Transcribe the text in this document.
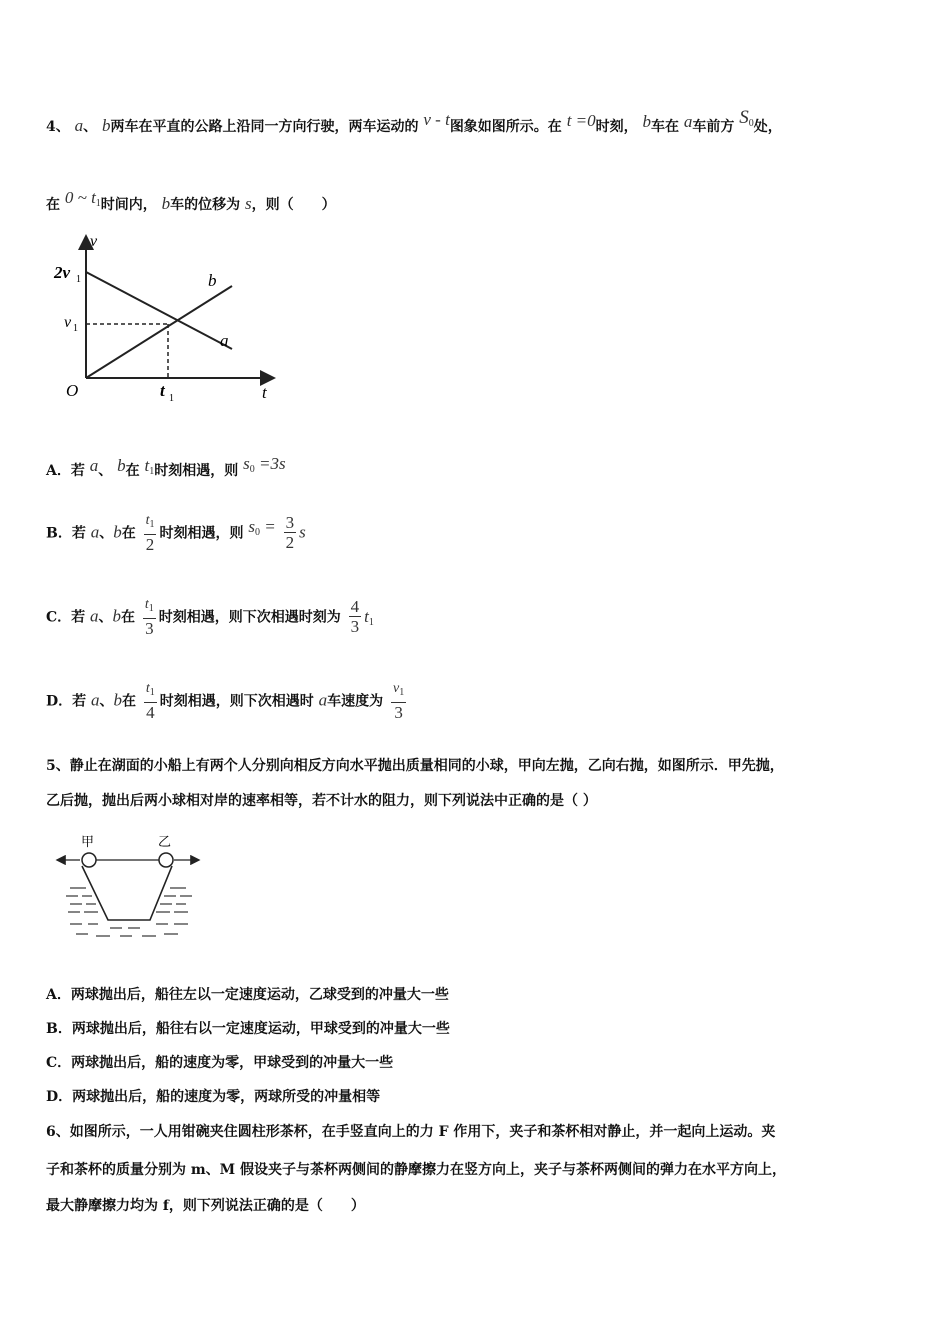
4、 a、 b两车在平直的公路上沿同一方向行驶，两车运动的 v - t图象如图所示。在 t =0时刻， b车在 a车前方 $S_0$处，
在 0 ~ $t_1$时间内， b车的位移为 s，则（　　）
v
t
O
2v 1
v 1
t 1
b
a
A．若 a、 b在 $t_1$时刻相遇，则 $s_0 =3s$
B．若 a、b在 $\frac{t_1}{2}$ 时刻相遇，则 $s_0 = \frac{3}{2}$ s
C．若 a、b在 $\frac{t_1}{3}$ 时刻相遇，则下次相遇时刻为 $\frac{4}{3} t_1$
D．若 a、b在 $\frac{t_1}{4}$ 时刻相遇，则下次相遇时 a车速度为 $\frac{v_1}{3}$
5、静止在湖面的小船上有两个人分别向相反方向水平抛出质量相同的小球，甲向左抛，乙向右抛，如图所示．甲先抛，
乙后抛，抛出后两小球相对岸的速率相等，若不计水的阻力，则下列说法中正确的是（ ）
甲	乙
A．两球抛出后，船往左以一定速度运动，乙球受到的冲量大一些
B．两球抛出后，船往右以一定速度运动，甲球受到的冲量大一些
C．两球抛出后，船的速度为零，甲球受到的冲量大一些
D．两球抛出后，船的速度为零，两球所受的冲量相等
6、如图所示，一人用钳碗夹住圆柱形茶杯，在手竖直向上的力 F 作用下，夹子和茶杯相对静止，并一起向上运动。夹
子和茶杯的质量分别为 m、M 假设夹子与茶杯两侧间的静摩擦力在竖方向上，夹子与茶杯两侧间的弹力在水平方向上，
最大静摩擦力均为 f，则下列说法正确的是（　　）
